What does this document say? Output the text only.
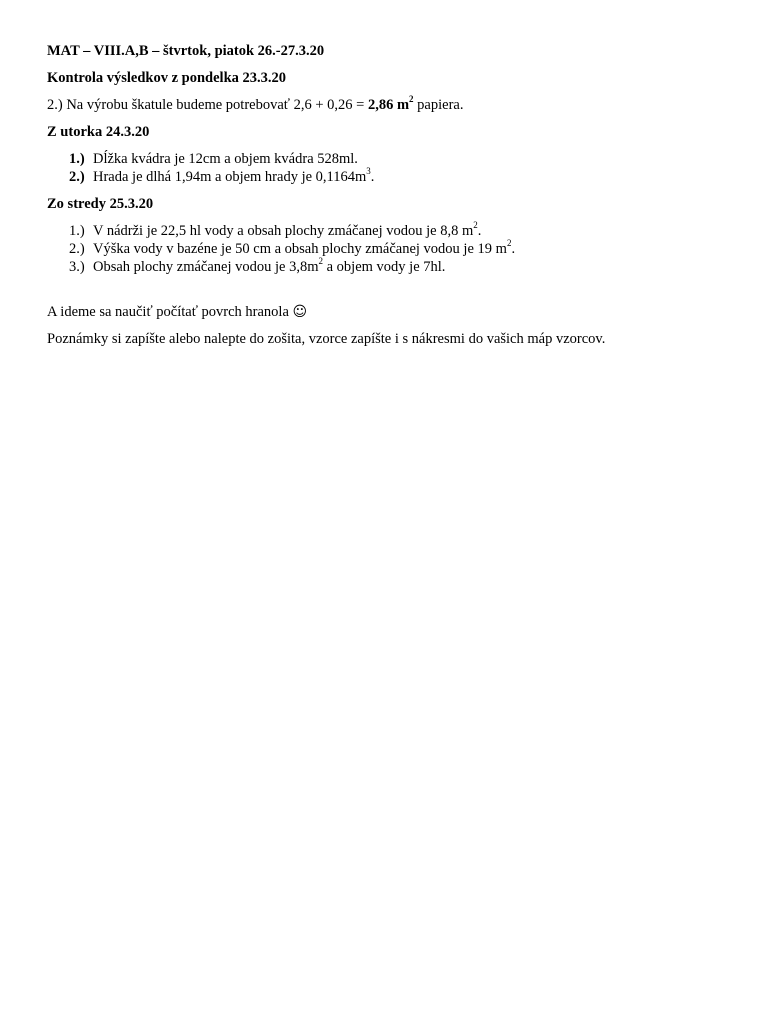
MAT – VIII.A,B – štvrtok, piatok 26.-27.3.20

Kontrola výsledkov z pondelka 23.3.20

2.) Na výrobu škatule budeme potrebovať 2,6 + 0,26 = 2,86 $m^2$ papiera.

Z utorka 24.3.20

1.) Dĺžka kvádra je 12cm a objem kvádra 528ml.
2.) Hrada je dlhá 1,94m a objem hrady je $0,1164m^3$.

Zo stredy 25.3.20

1.) V nádrži je 22,5 hl vody a obsah plochy zmáčanej vodou je 8,8 $m^2$.
2.) Výška vody v bazéne je 50 cm a obsah plochy zmáčanej vodou je 19 $m^2$.
3.) Obsah plochy zmáčanej vodou je $3,8m^2$ a objem vody je 7hl.

A ideme sa naučiť počítať povrch hranola ☺

Poznámky si zapíšte alebo nalepte do zošita, vzorce zapíšte i s nákresmi do vašich máp vzorcov.
